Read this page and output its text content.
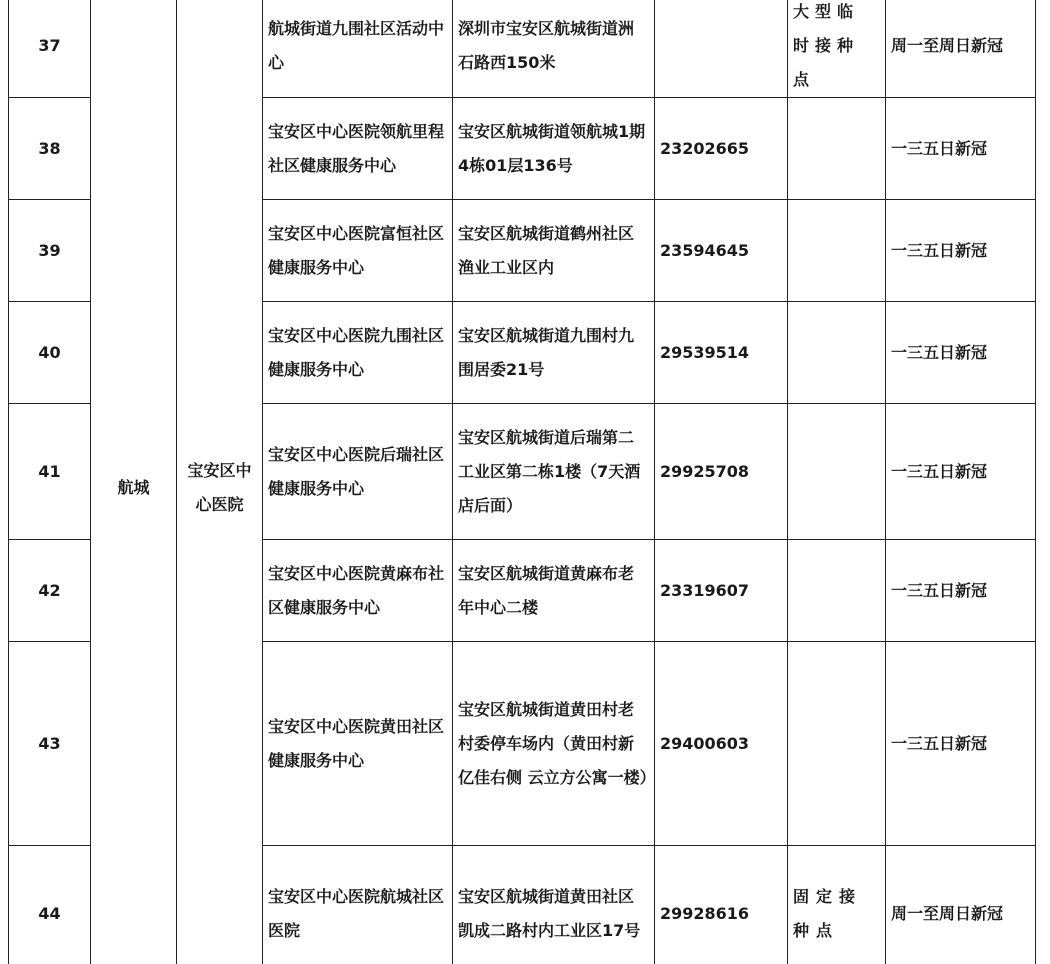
37	航城	宝安区中心医院	航城街道九围社区活动中心	深圳市宝安区航城街道洲石路西150米		大型临时接种点	周一至周日新冠
38			宝安区中心医院领航里程社区健康服务中心	宝安区航城街道领航城1期4栋01层136号	23202665		一三五日新冠
39			宝安区中心医院富恒社区健康服务中心	宝安区航城街道鹤州社区渔业工业区内	23594645		一三五日新冠
40			宝安区中心医院九围社区健康服务中心	宝安区航城街道九围村九围居委21号	29539514		一三五日新冠
41			宝安区中心医院后瑞社区健康服务中心	宝安区航城街道后瑞第二工业区第二栋1楼（7天酒店后面）	29925708		一三五日新冠
42			宝安区中心医院黄麻布社区健康服务中心	宝安区航城街道黄麻布老年中心二楼	23319607		一三五日新冠
43			宝安区中心医院黄田社区健康服务中心	宝安区航城街道黄田村老村委停车场内（黄田村新亿佳右侧 云立方公寓一楼）	29400603		一三五日新冠
44			宝安区中心医院航城社区医院	宝安区航城街道黄田社区凯成二路村内工业区17号	29928616	固定接种点	周一至周日新冠
